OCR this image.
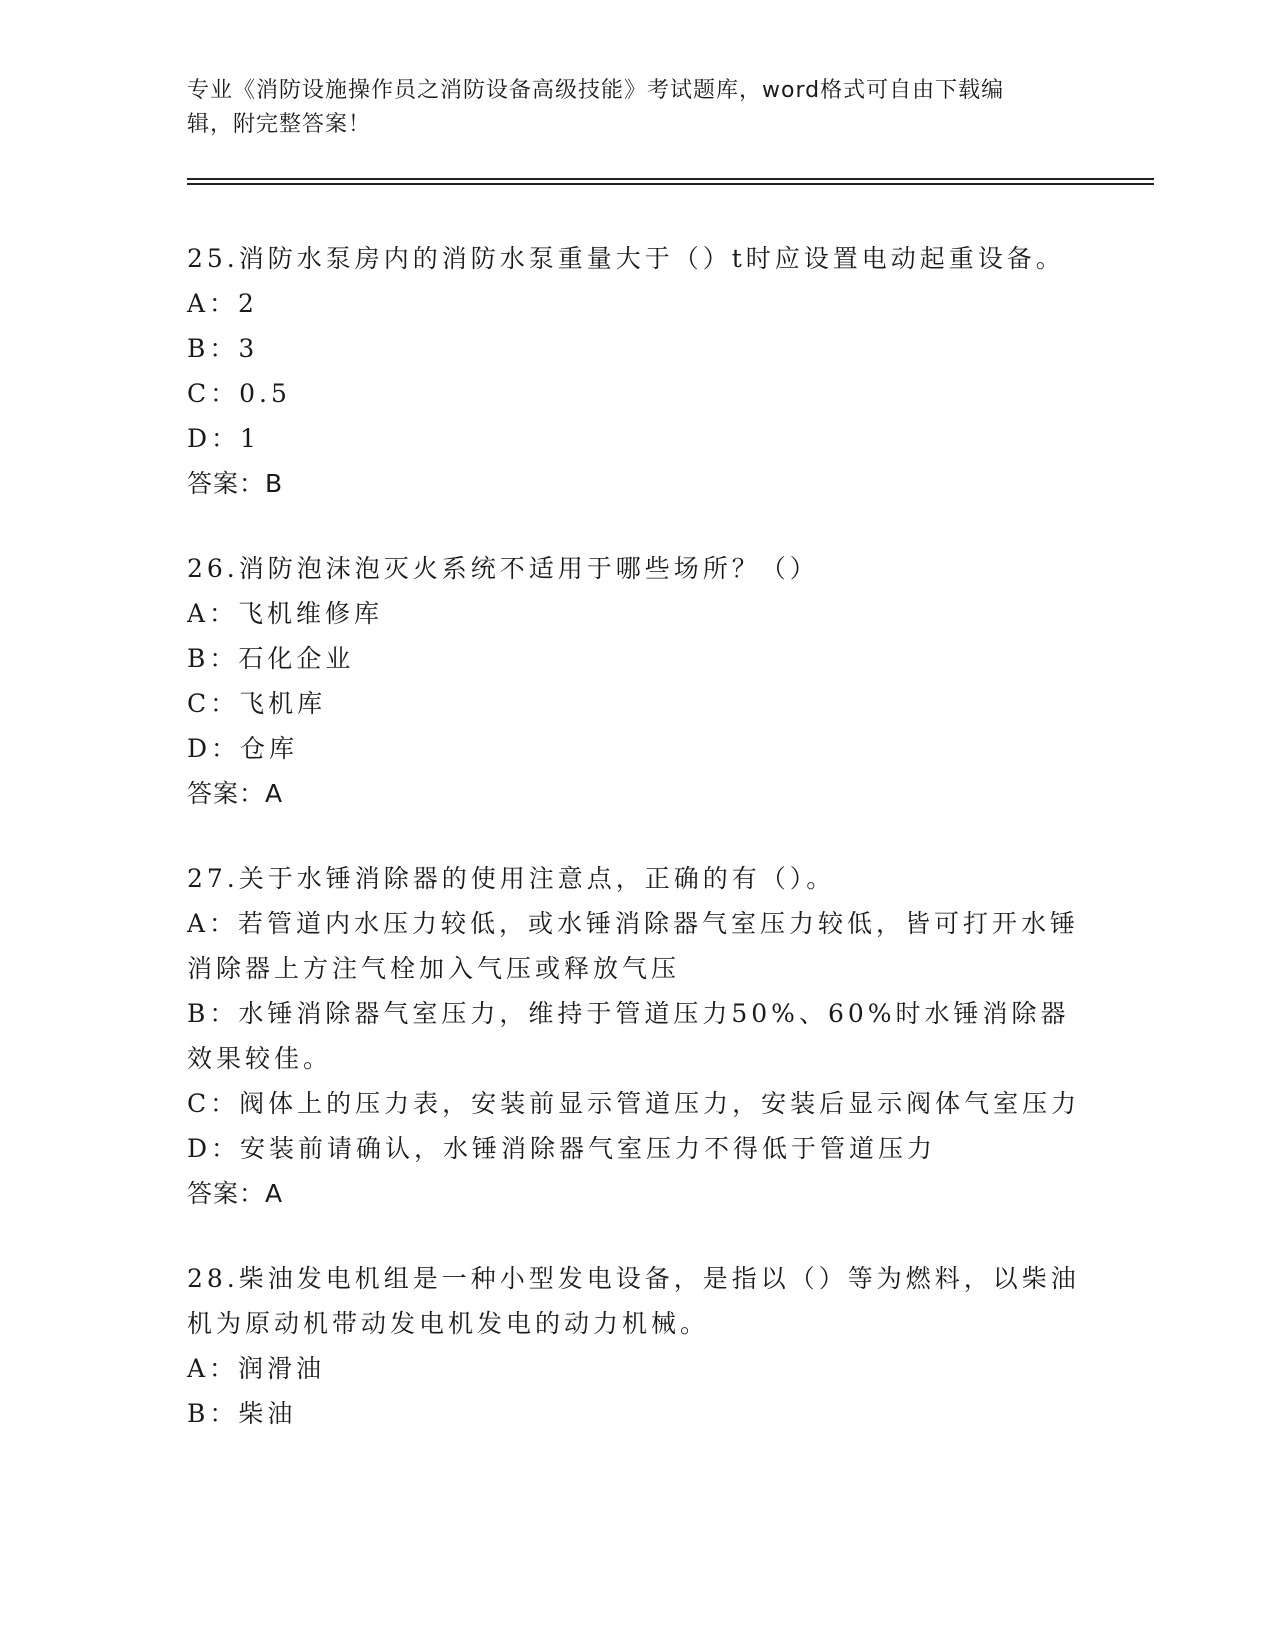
专业《消防设施操作员之消防设备高级技能》考试题库，word格式可自由下载编
辑，附完整答案！
25.消防水泵房内的消防水泵重量大于（）t时应设置电动起重设备。
A：2
B：3
C：0.5
D：1
答案：B
26.消防泡沫泡灭火系统不适用于哪些场所？（）
A：飞机维修库
B：石化企业
C：飞机库
D：仓库
答案：A
27.关于水锤消除器的使用注意点，正确的有（）。
A：若管道内水压力较低，或水锤消除器气室压力较低，皆可打开水锤消除器上方注气栓加入气压或释放气压
B：水锤消除器气室压力，维持于管道压力50%、60%时水锤消除器效果较佳。
C：阀体上的压力表，安装前显示管道压力，安装后显示阀体气室压力
D：安装前请确认，水锤消除器气室压力不得低于管道压力
答案：A
28.柴油发电机组是一种小型发电设备，是指以（）等为燃料，以柴油机为原动机带动发电机发电的动力机械。
A：润滑油
B：柴油
